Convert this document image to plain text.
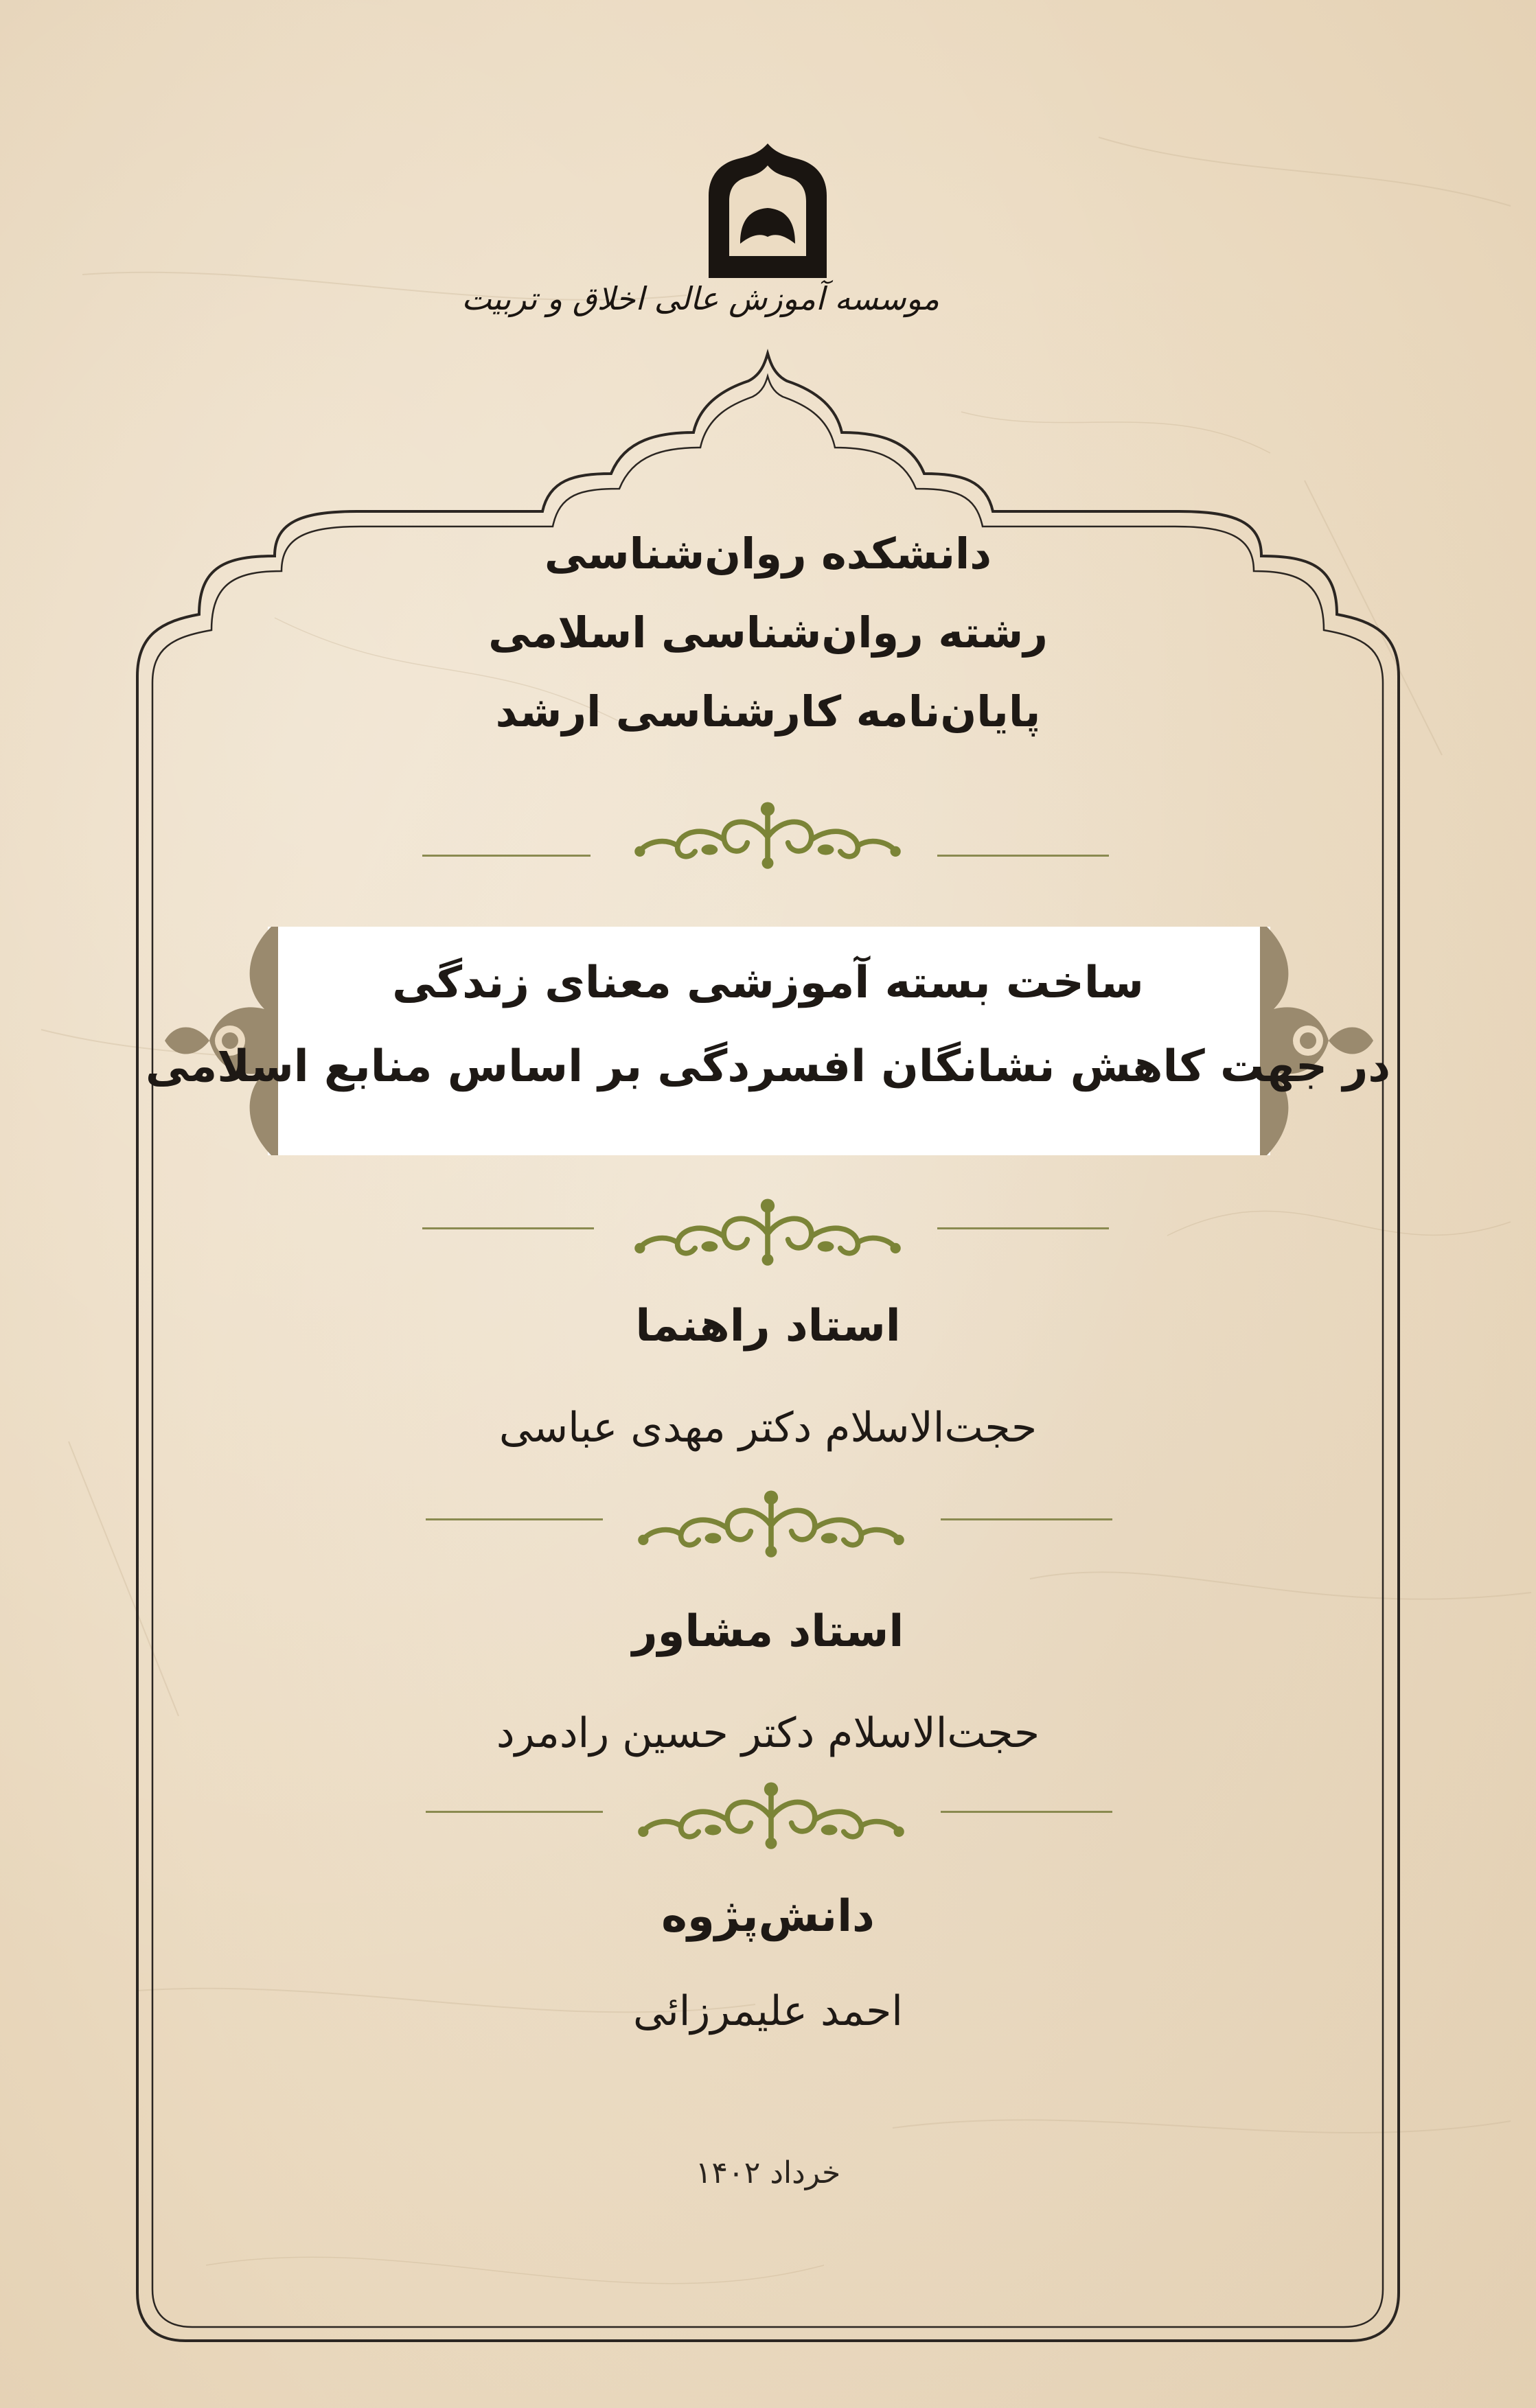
موسسه آموزش عالی اخلاق و تربیت
دانشکده روان‌شناسی
رشته روان‌شناسی اسلامی
پایان‌نامه کارشناسی ارشد
ساخت بسته آموزشی معنای زندگی
در جهت کاهش نشانگان افسردگی بر اساس منابع اسلامی
استاد راهنما
حجت‌الاسلام دکتر مهدی عباسی
استاد مشاور
حجت‌الاسلام دکتر حسین رادمرد
دانش‌پژوه
احمد علیمرزائی
خرداد ۱۴۰۲
